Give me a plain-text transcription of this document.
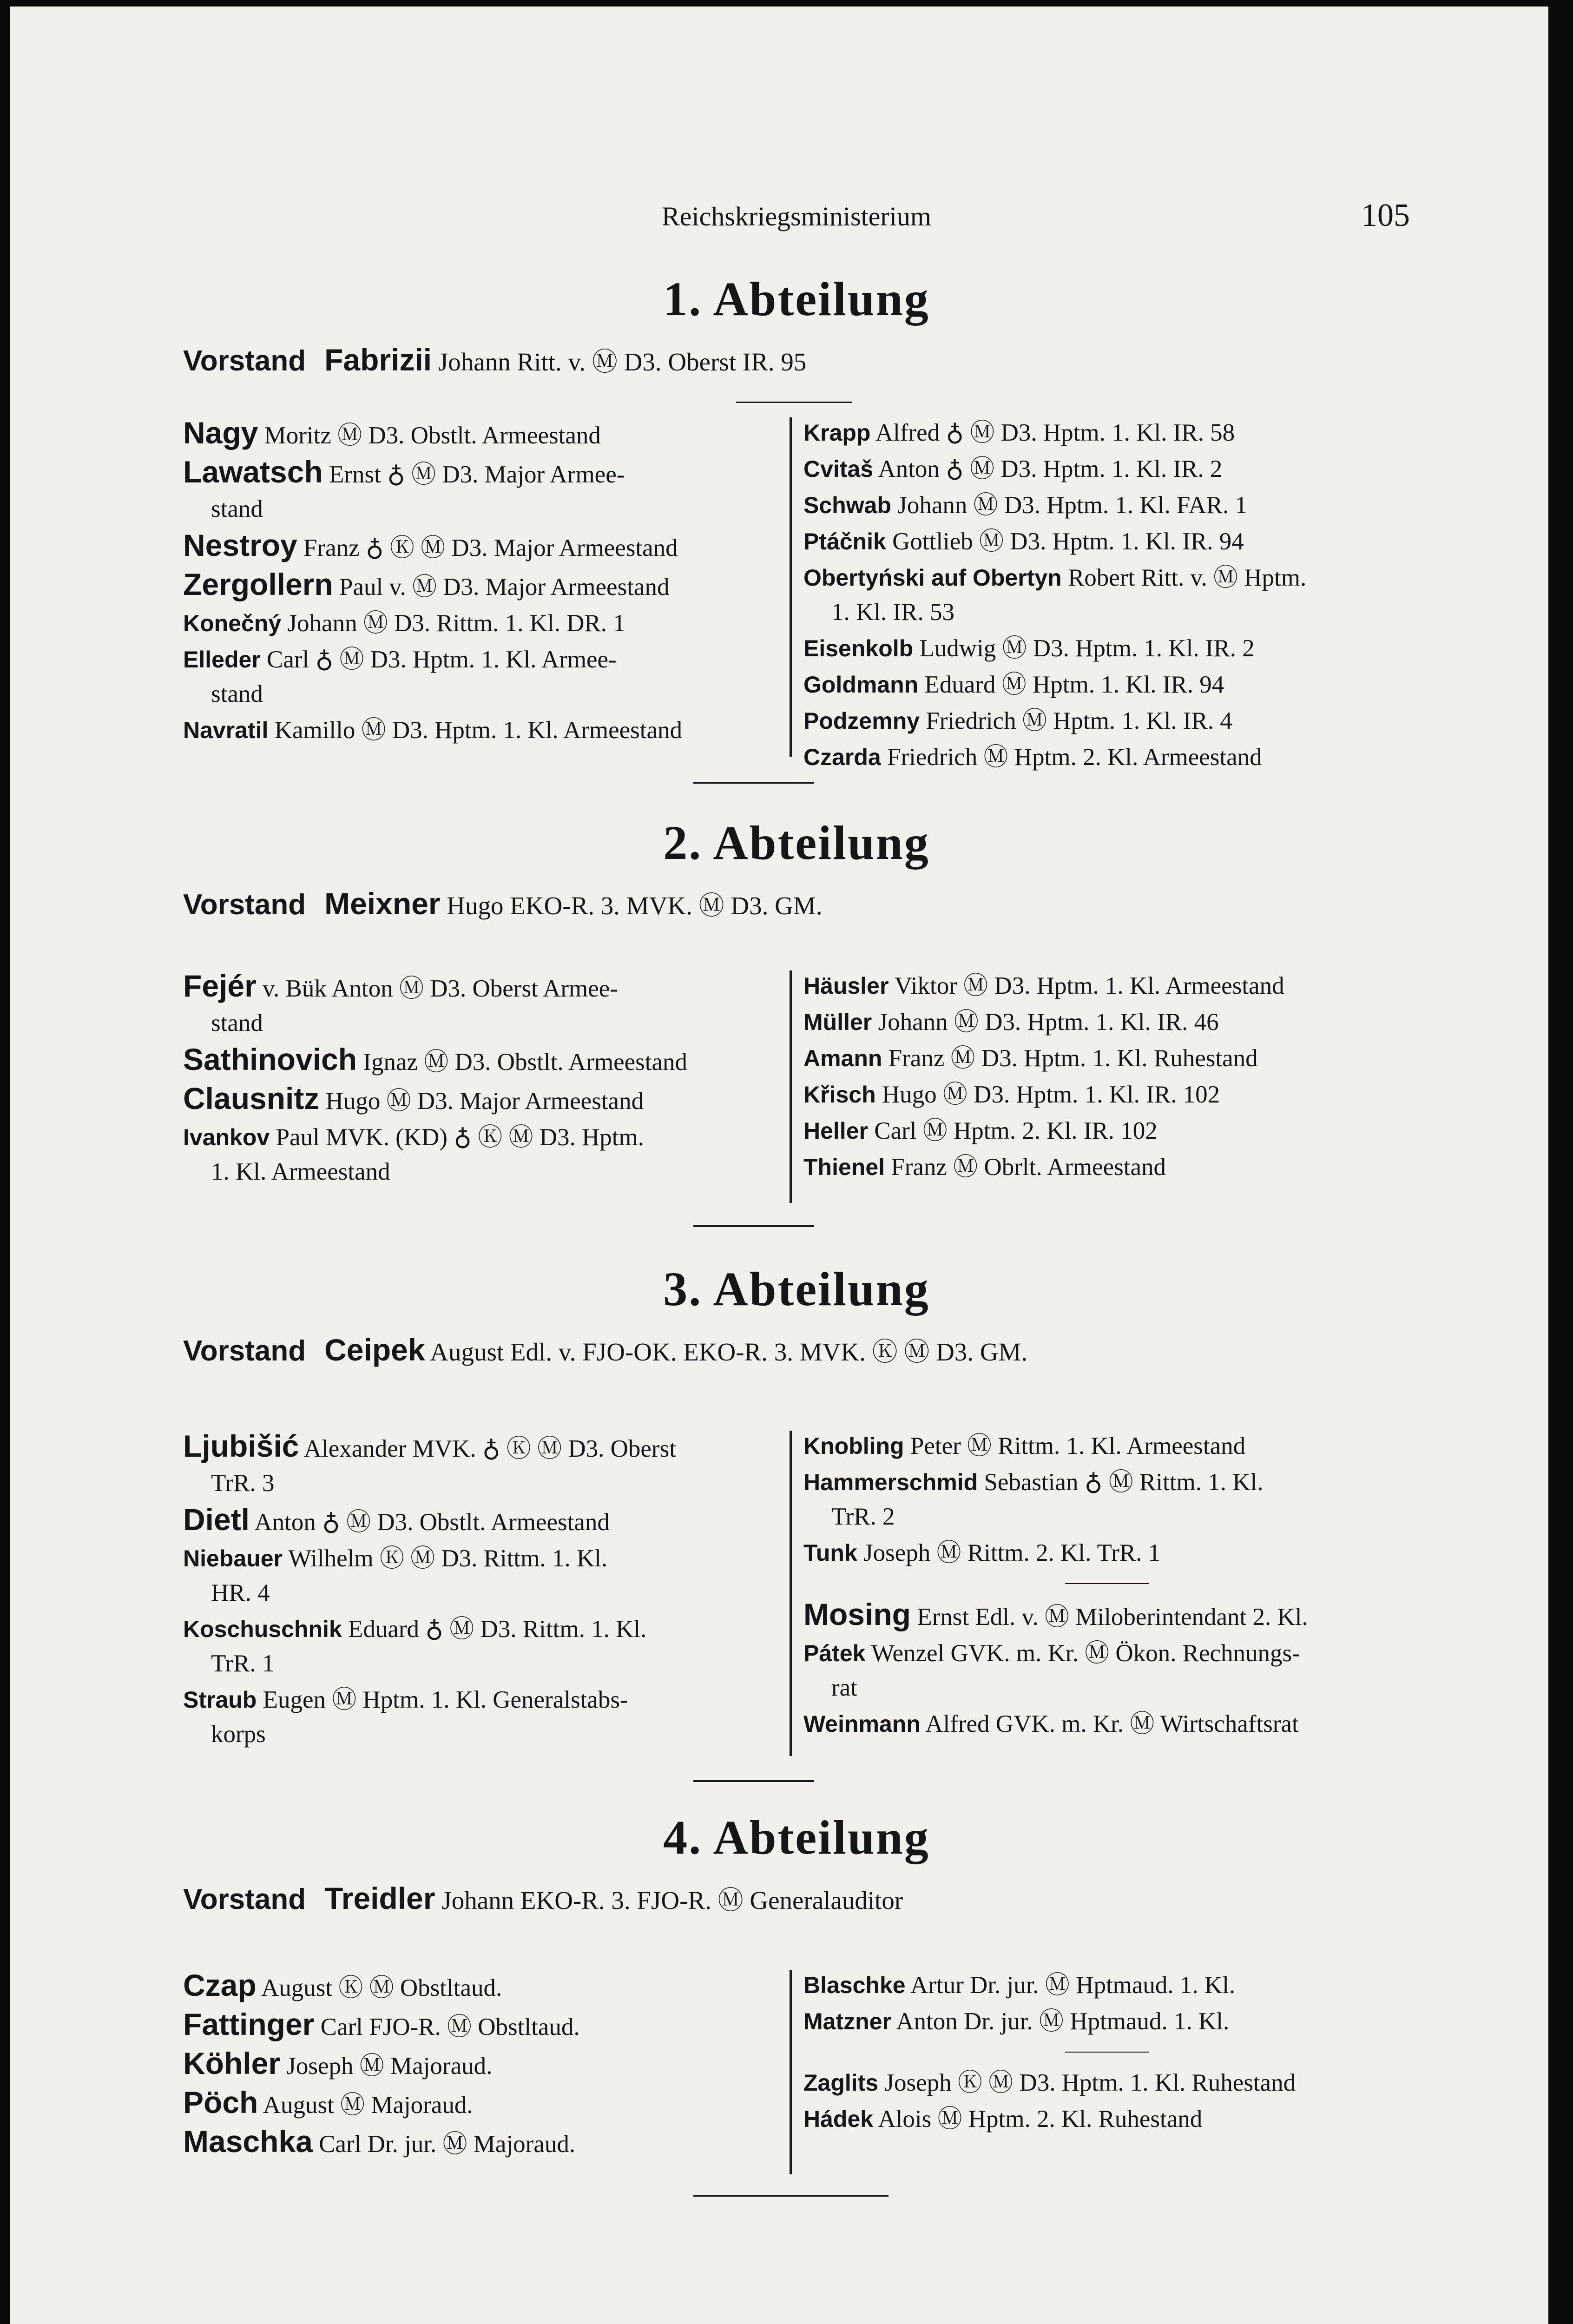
Reichskriegsministerium	105
1. Abteilung
Vorstand Fabrizii Johann Ritt. v. Ⓜ D3. Oberst IR. 95
Nagy Moritz Ⓜ D3. Obstlt. Armeestand
Lawatsch Ernst ♁ Ⓜ D3. Major Armee-
stand
Nestroy Franz ♁ Ⓚ Ⓜ D3. Major Armeestand
Zergollern Paul v. Ⓜ D3. Major Armeestand
Konečný Johann Ⓜ D3. Rittm. 1. Kl. DR. 1
Elleder Carl ♁ Ⓜ D3. Hptm. 1. Kl. Armee-
stand
Navratil Kamillo Ⓜ D3. Hptm. 1. Kl. Armeestand
Krapp Alfred ♁ Ⓜ D3. Hptm. 1. Kl. IR. 58
Cvitaš Anton ♁ Ⓜ D3. Hptm. 1. Kl. IR. 2
Schwab Johann Ⓜ D3. Hptm. 1. Kl. FAR. 1
Ptáčnik Gottlieb Ⓜ D3. Hptm. 1. Kl. IR. 94
Obertyński auf Obertyn Robert Ritt. v. Ⓜ Hptm.
1. Kl. IR. 53
Eisenkolb Ludwig Ⓜ D3. Hptm. 1. Kl. IR. 2
Goldmann Eduard Ⓜ Hptm. 1. Kl. IR. 94
Podzemny Friedrich Ⓜ Hptm. 1. Kl. IR. 4
Czarda Friedrich Ⓜ Hptm. 2. Kl. Armeestand
2. Abteilung
Vorstand Meixner Hugo EKO-R. 3. MVK. Ⓜ D3. GM.
Fejér v. Bük Anton Ⓜ D3. Oberst Armee-
stand
Sathinovich Ignaz Ⓜ D3. Obstlt. Armeestand
Clausnitz Hugo Ⓜ D3. Major Armeestand
Ivankov Paul MVK. (KD) ♁ Ⓚ Ⓜ D3. Hptm.
1. Kl. Armeestand
Häusler Viktor Ⓜ D3. Hptm. 1. Kl. Armeestand
Müller Johann Ⓜ D3. Hptm. 1. Kl. IR. 46
Amann Franz Ⓜ D3. Hptm. 1. Kl. Ruhestand
Křisch Hugo Ⓜ D3. Hptm. 1. Kl. IR. 102
Heller Carl Ⓜ Hptm. 2. Kl. IR. 102
Thienel Franz Ⓜ Obrlt. Armeestand
3. Abteilung
Vorstand Ceipek August Edl. v. FJO-OK. EKO-R. 3. MVK. Ⓚ Ⓜ D3. GM.
Ljubišić Alexander MVK. ♁ Ⓚ Ⓜ D3. Oberst
TrR. 3
Dietl Anton ♁ Ⓜ D3. Obstlt. Armeestand
Niebauer Wilhelm Ⓚ Ⓜ D3. Rittm. 1. Kl.
HR. 4
Koschuschnik Eduard ♁ Ⓜ D3. Rittm. 1. Kl.
TrR. 1
Straub Eugen Ⓜ Hptm. 1. Kl. Generalstabs-
korps
Knobling Peter Ⓜ Rittm. 1. Kl. Armeestand
Hammerschmid Sebastian ♁ Ⓜ Rittm. 1. Kl.
TrR. 2
Tunk Joseph Ⓜ Rittm. 2. Kl. TrR. 1
Mosing Ernst Edl. v. Ⓜ Miloberintendant 2. Kl.
Pátek Wenzel GVK. m. Kr. Ⓜ Ökon. Rechnungs-
rat
Weinmann Alfred GVK. m. Kr. Ⓜ Wirtschaftsrat
4. Abteilung
Vorstand Treidler Johann EKO-R. 3. FJO-R. Ⓜ Generalauditor
Czap August Ⓚ Ⓜ Obstltaud.
Fattinger Carl FJO-R. Ⓜ Obstltaud.
Köhler Joseph Ⓜ Majoraud.
Pöch August Ⓜ Majoraud.
Maschka Carl Dr. jur. Ⓜ Majoraud.
Blaschke Artur Dr. jur. Ⓜ Hptmaud. 1. Kl.
Matzner Anton Dr. jur. Ⓜ Hptmaud. 1. Kl.
Zaglits Joseph Ⓚ Ⓜ D3. Hptm. 1. Kl. Ruhestand
Hádek Alois Ⓜ Hptm. 2. Kl. Ruhestand
